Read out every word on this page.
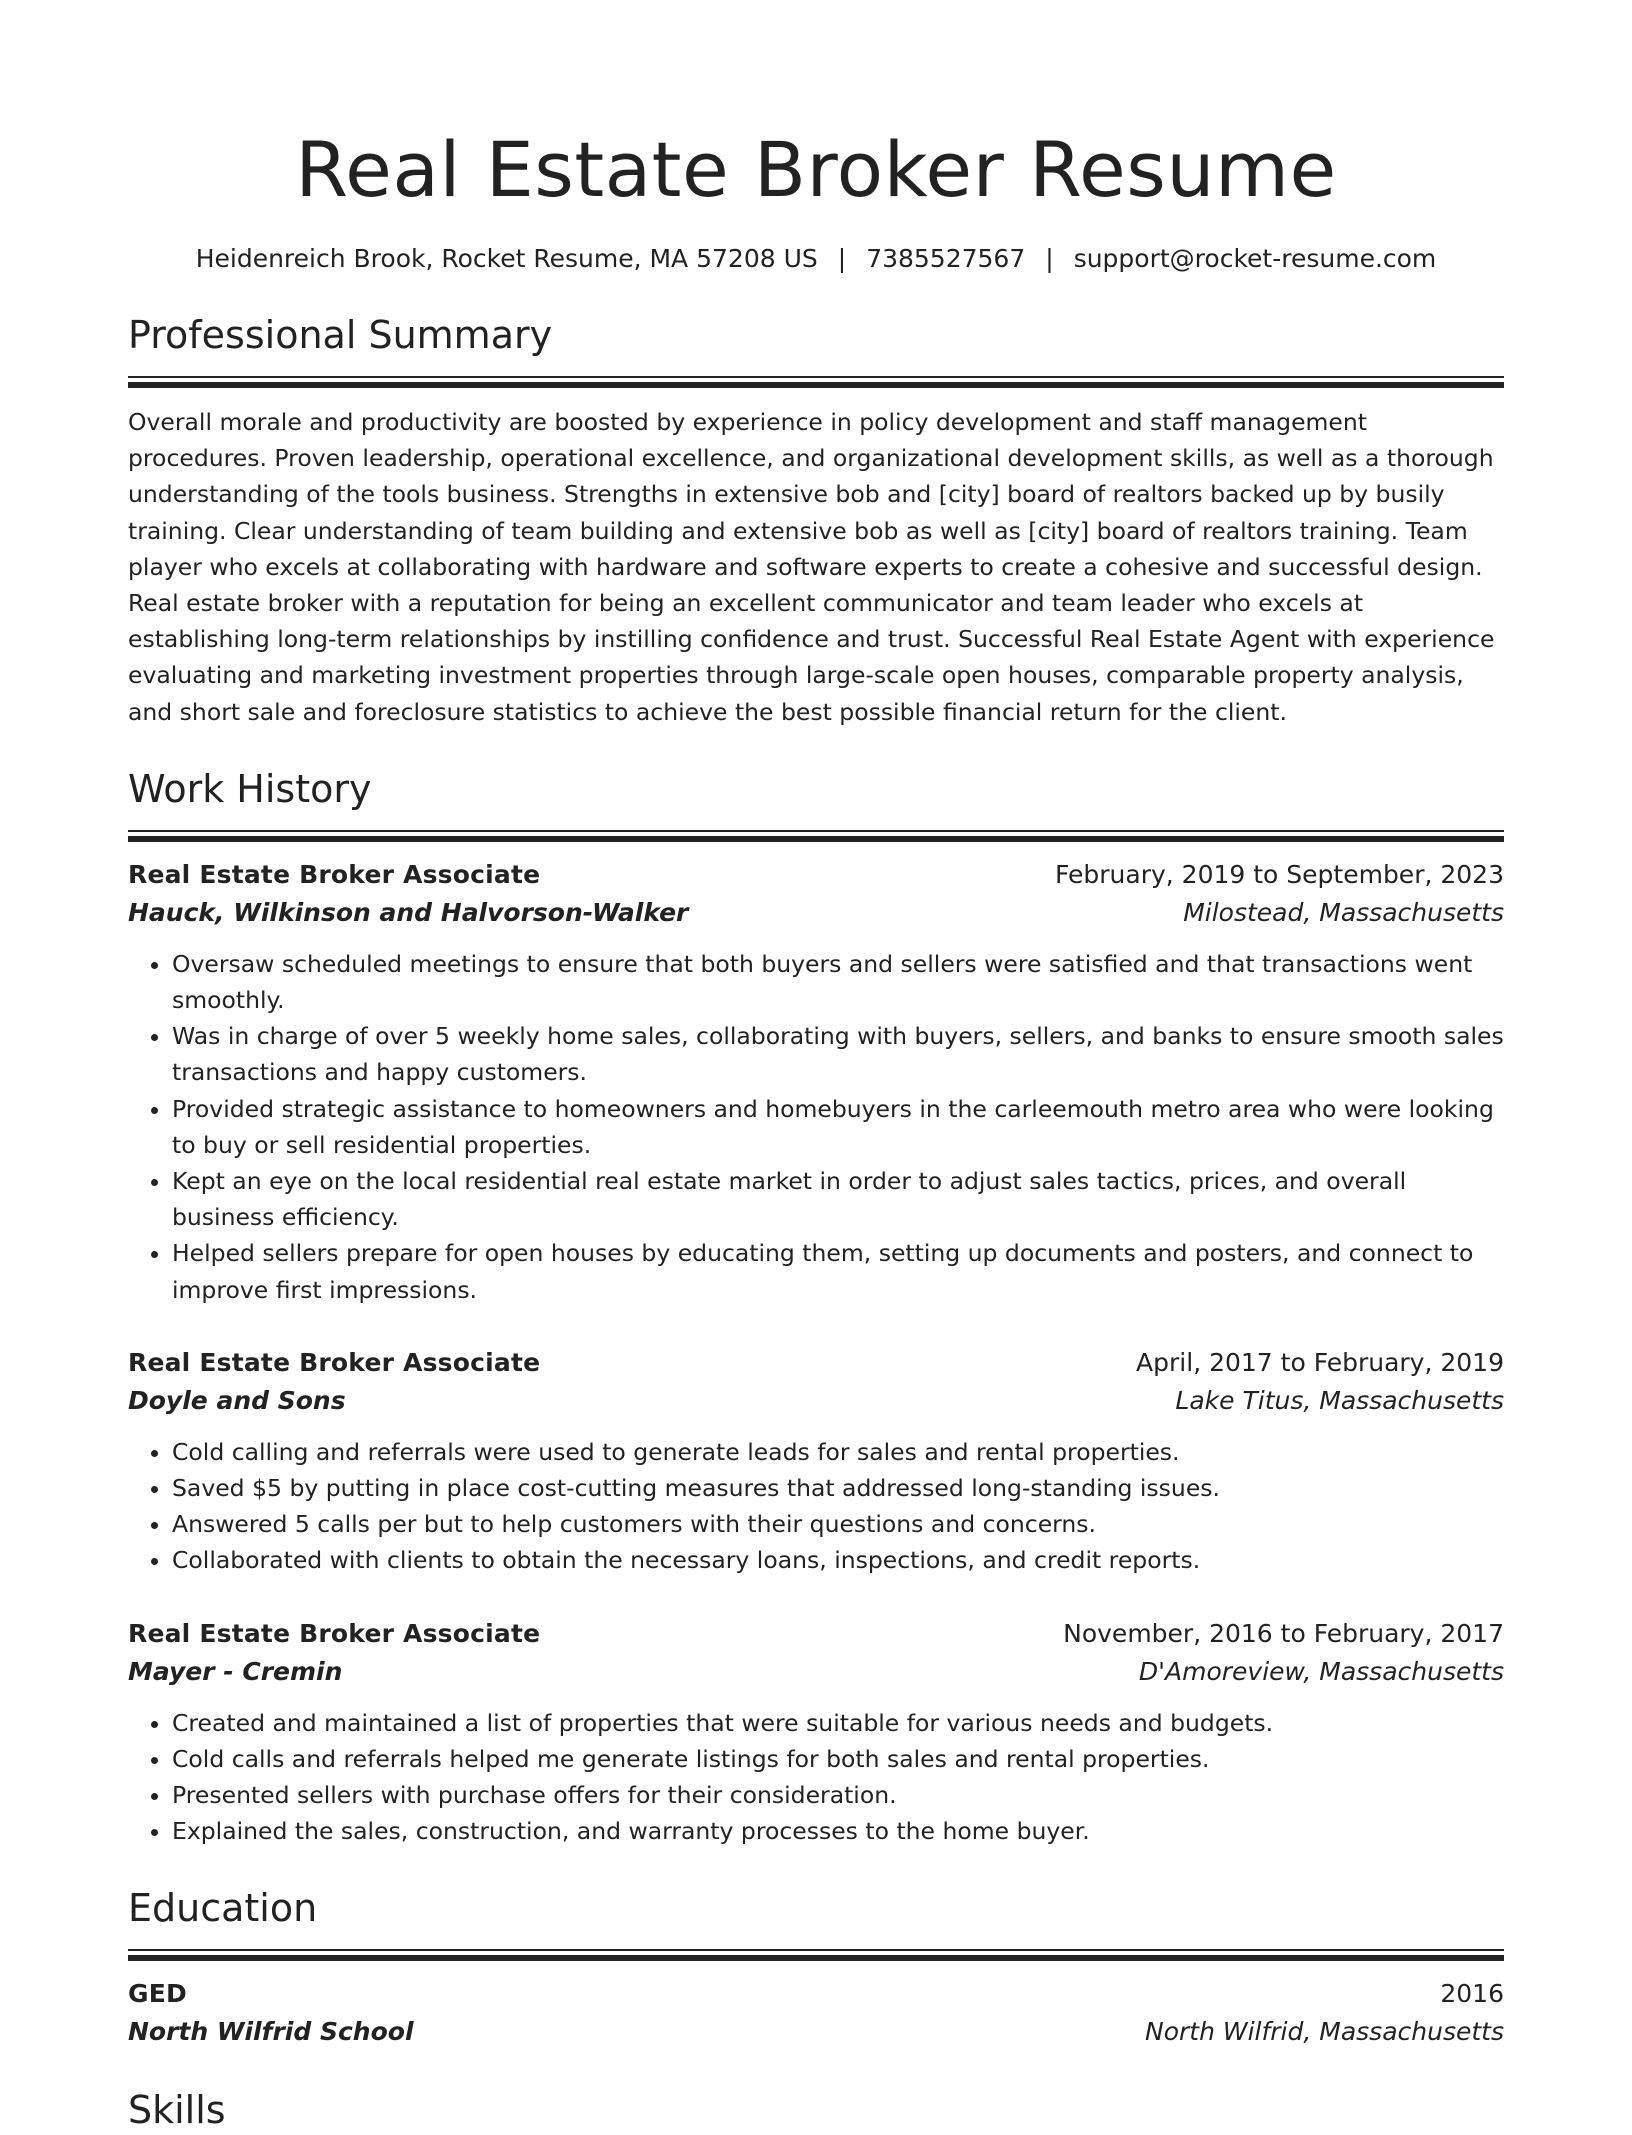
Real Estate Broker Resume
Heidenreich Brook, Rocket Resume, MA 57208 US | 7385527567 | support@rocket-resume.com
Professional Summary
Overall morale and productivity are boosted by experience in policy development and staff management procedures. Proven leadership, operational excellence, and organizational development skills, as well as a thorough understanding of the tools business. Strengths in extensive bob and [city] board of realtors backed up by busily training. Clear understanding of team building and extensive bob as well as [city] board of realtors training. Team player who excels at collaborating with hardware and software experts to create a cohesive and successful design. Real estate broker with a reputation for being an excellent communicator and team leader who excels at establishing long-term relationships by instilling confidence and trust. Successful Real Estate Agent with experience evaluating and marketing investment properties through large-scale open houses, comparable property analysis, and short sale and foreclosure statistics to achieve the best possible financial return for the client.
Work History
Real Estate Broker Associate	February, 2019 to September, 2023
Hauck, Wilkinson and Halvorson-Walker	Milostead, Massachusetts
• Oversaw scheduled meetings to ensure that both buyers and sellers were satisfied and that transactions went smoothly.
• Was in charge of over 5 weekly home sales, collaborating with buyers, sellers, and banks to ensure smooth sales transactions and happy customers.
• Provided strategic assistance to homeowners and homebuyers in the carleemouth metro area who were looking to buy or sell residential properties.
• Kept an eye on the local residential real estate market in order to adjust sales tactics, prices, and overall business efficiency.
• Helped sellers prepare for open houses by educating them, setting up documents and posters, and connect to improve first impressions.
Real Estate Broker Associate	April, 2017 to February, 2019
Doyle and Sons	Lake Titus, Massachusetts
• Cold calling and referrals were used to generate leads for sales and rental properties.
• Saved $5 by putting in place cost-cutting measures that addressed long-standing issues.
• Answered 5 calls per but to help customers with their questions and concerns.
• Collaborated with clients to obtain the necessary loans, inspections, and credit reports.
Real Estate Broker Associate	November, 2016 to February, 2017
Mayer - Cremin	D'Amoreview, Massachusetts
• Created and maintained a list of properties that were suitable for various needs and budgets.
• Cold calls and referrals helped me generate listings for both sales and rental properties.
• Presented sellers with purchase offers for their consideration.
• Explained the sales, construction, and warranty processes to the home buyer.
Education
GED	2016
North Wilfrid School	North Wilfrid, Massachusetts
Skills
